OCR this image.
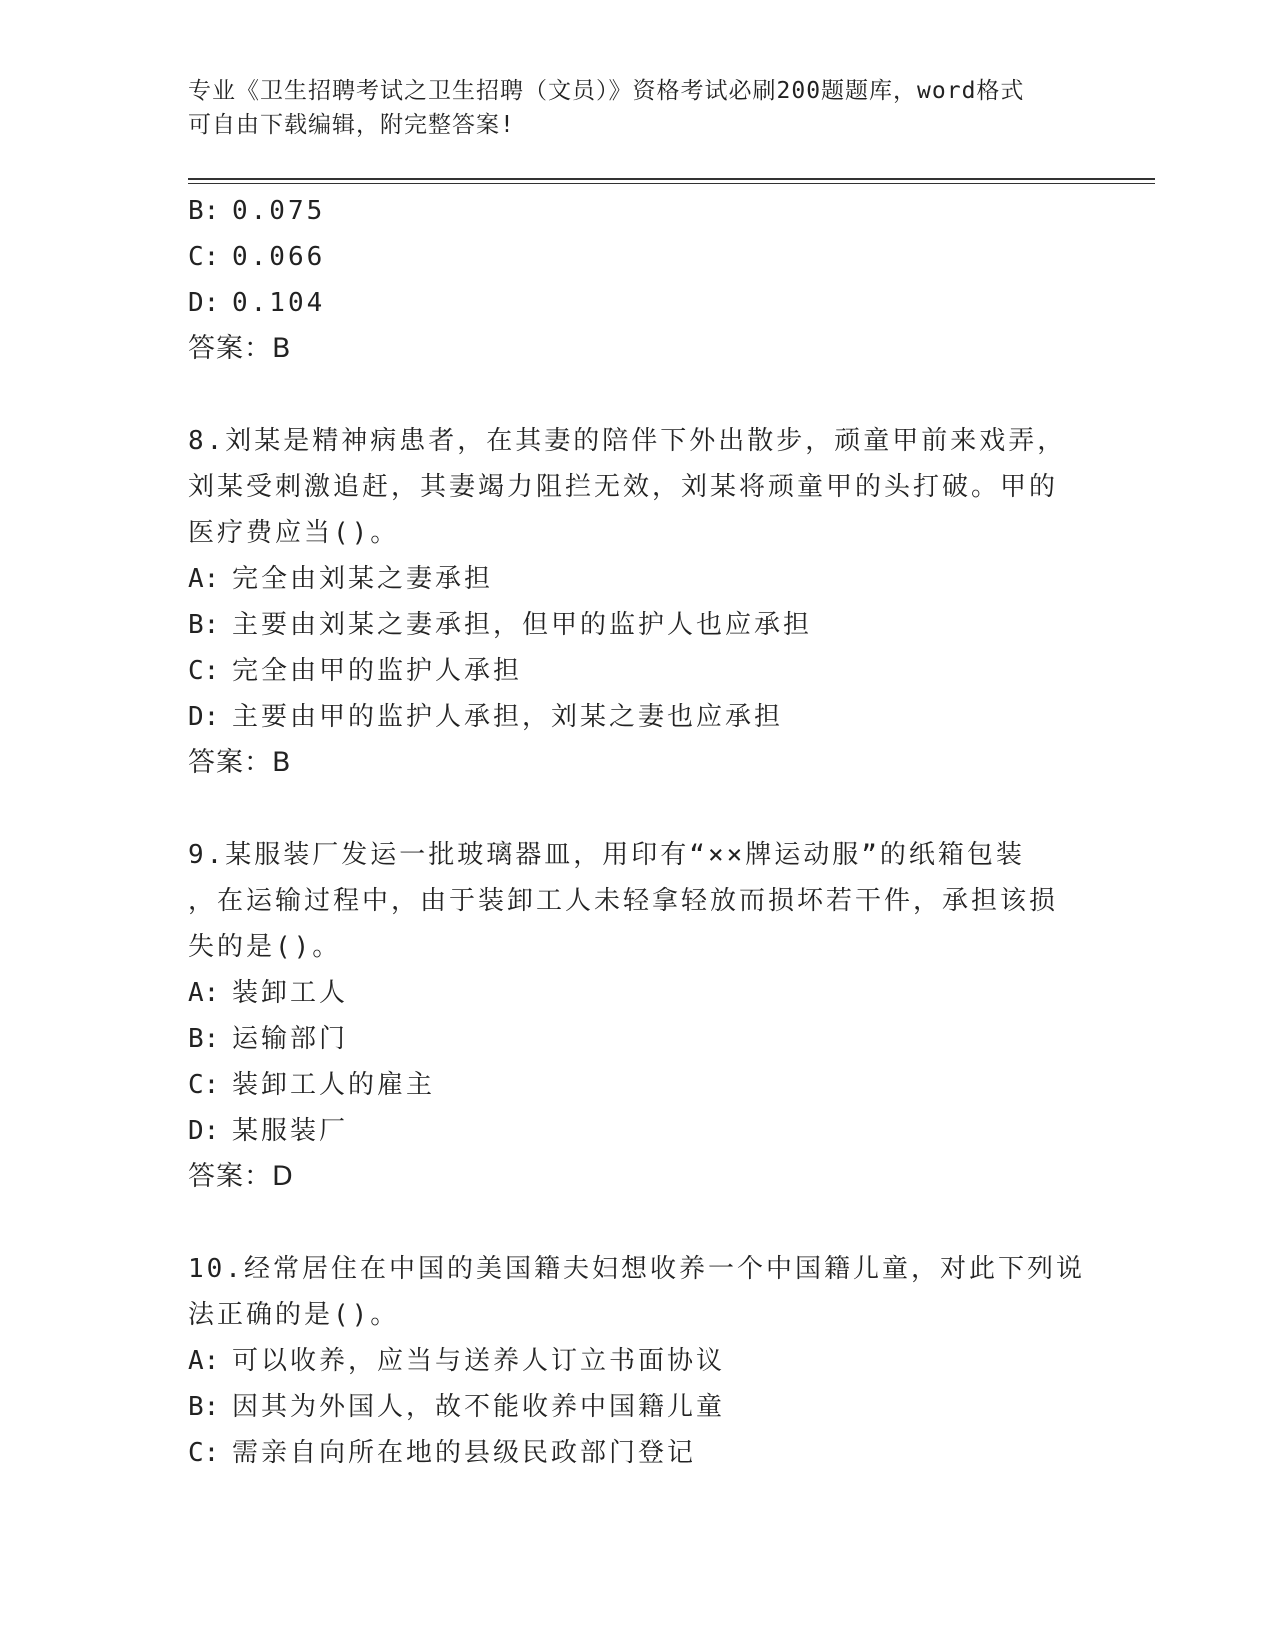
专业《卫生招聘考试之卫生招聘（文员）》资格考试必刷200题题库，word格式
可自由下载编辑，附完整答案!
B: 0.075
C: 0.066
D: 0.104
答案：B
8.刘某是精神病患者，在其妻的陪伴下外出散步，顽童甲前来戏弄，
刘某受刺激追赶，其妻竭力阻拦无效，刘某将顽童甲的头打破。甲的
医疗费应当()。
A: 完全由刘某之妻承担
B: 主要由刘某之妻承担，但甲的监护人也应承担
C: 完全由甲的监护人承担
D: 主要由甲的监护人承担，刘某之妻也应承担
答案：B
9.某服装厂发运一批玻璃器皿，用印有“××牌运动服”的纸箱包装
，在运输过程中，由于装卸工人未轻拿轻放而损坏若干件，承担该损
失的是()。
A: 装卸工人
B: 运输部门
C: 装卸工人的雇主
D: 某服装厂
答案：D
10.经常居住在中国的美国籍夫妇想收养一个中国籍儿童，对此下列说
法正确的是()。
A: 可以收养，应当与送养人订立书面协议
B: 因其为外国人，故不能收养中国籍儿童
C: 需亲自向所在地的县级民政部门登记
